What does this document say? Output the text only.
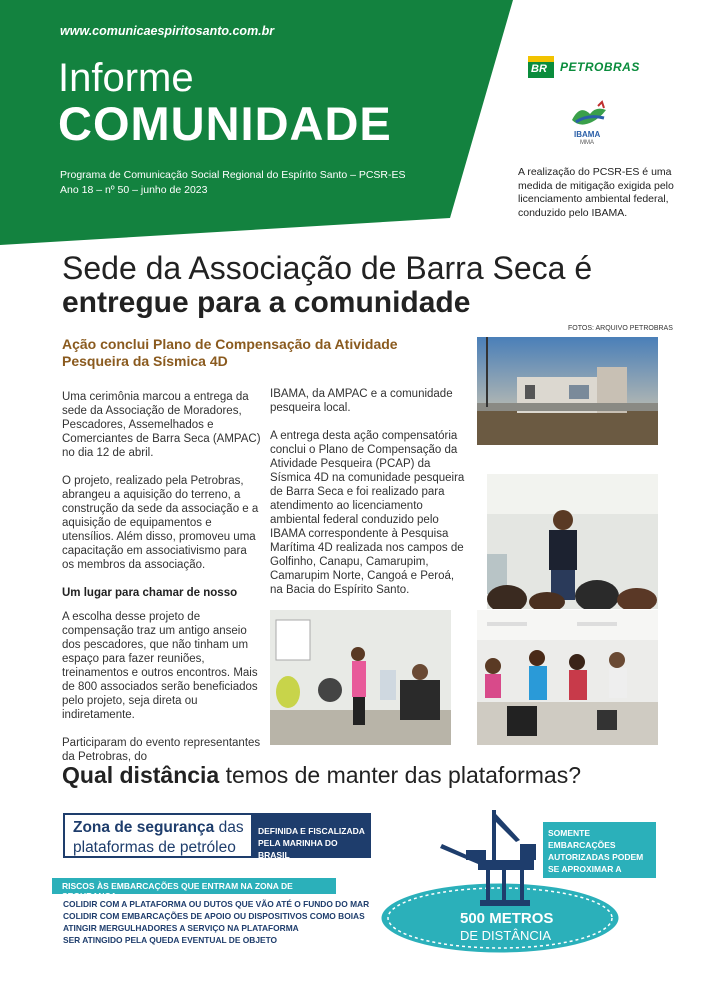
www.comunicaespiritosanto.com.br
Informe
COMUNIDADE
Programa de Comunicação Social Regional do Espírito Santo – PCSR-ES
Ano 18 – nº 50 – junho de 2023
BR PETROBRAS
IBAMA
MMA
A realização do PCSR-ES é uma medida de mitigação exigida pelo licenciamento ambiental federal, conduzido pelo IBAMA.
Sede da Associação de Barra Seca é
entregue para a comunidade
FOTOS: ARQUIVO PETROBRAS
Ação conclui Plano de Compensação da Atividade Pesqueira da Sísmica 4D

Uma cerimônia marcou a entrega da sede da Associação de Moradores, Pescadores, Assemelhados e Comerciantes de Barra Seca (AMPAC) no dia 12 de abril.

O projeto, realizado pela Petrobras, abrangeu a aquisição do terreno, a construção da sede da associação e a aquisição de equipamentos e utensílios. Além disso, promoveu uma capacitação em associativismo para os membros da associação.

Um lugar para chamar de nosso

A escolha desse projeto de compensação traz um antigo anseio dos pescadores, que não tinham um espaço para fazer reuniões, treinamentos e outros encontros. Mais de 800 associados serão beneficiados pelo projeto, seja direta ou indiretamente.

Participaram do evento representantes da Petrobras, do

IBAMA, da AMPAC e a comunidade pesqueira local.

A entrega desta ação compensatória conclui o Plano de Compensação da Atividade Pesqueira (PCAP) da Sísmica 4D na comunidade pesqueira de Barra Seca e foi realizado para atendimento ao licenciamento ambiental federal conduzido pelo IBAMA correspondente à Pesquisa Marítima 4D realizada nos campos de Golfinho, Canapu, Camarupim, Camarupim Norte, Cangoá e Peroá, na Bacia do Espírito Santo.

Qual distância temos de manter das plataformas?
Zona de segurança das
plataformas de petróleo
DEFINIDA E FISCALIZADA PELA MARINHA DO BRASIL
RISCOS ÀS EMBARCAÇÕES QUE ENTRAM NA ZONA DE SEGURANÇA:
COLIDIR COM A PLATAFORMA OU DUTOS QUE VÃO ATÉ O FUNDO DO MAR
COLIDIR COM EMBARCAÇÕES DE APOIO OU DISPOSITIVOS COMO BOIAS
ATINGIR MERGULHADORES A SERVIÇO NA PLATAFORMA
SER ATINGIDO PELA QUEDA EVENTUAL DE OBJETO
SOMENTE EMBARCAÇÕES AUTORIZADAS PODEM SE APROXIMAR A MENOS DE 500 METROS
500 METROS
DE DISTÂNCIA
